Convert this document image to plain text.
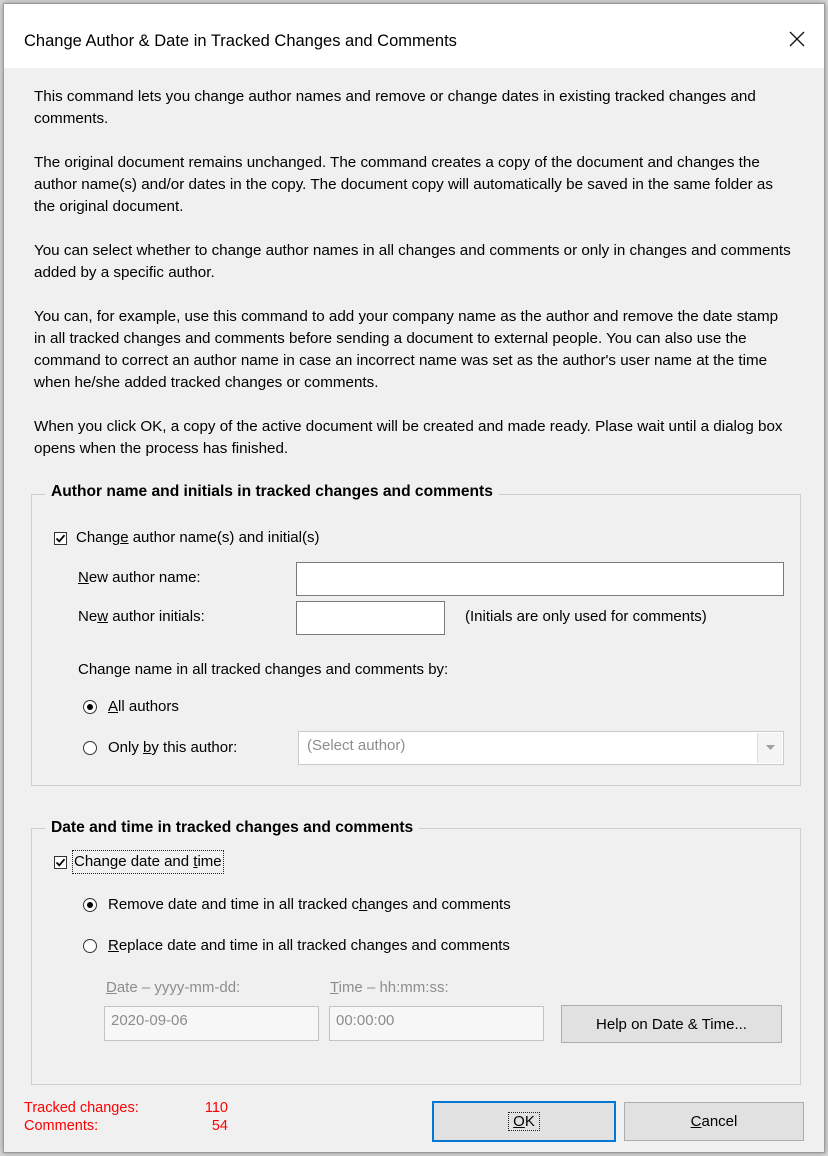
Change Author & Date in Tracked Changes and Comments

This command lets you change author names and remove or change dates in existing tracked changes and comments.

The original document remains unchanged. The command creates a copy of the document and changes the author name(s) and/or dates in the copy. The document copy will automatically be saved in the same folder as the original document.

You can select whether to change author names in all changes and comments or only in changes and comments added by a specific author.

You can, for example, use this command to add your company name as the author and remove the date stamp in all tracked changes and comments before sending a document to external people. You can also use the command to correct an author name in case an incorrect name was set as the author's user name at the time when he/she added tracked changes or comments.

When you click OK, a copy of the active document will be created and made ready. Plase wait until a dialog box opens when the process has finished.

Author name and initials in tracked changes and comments
Change author name(s) and initial(s)
New author name:
New author initials:	(Initials are only used for comments)
Change name in all tracked changes and comments by:
All authors
Only by this author:	(Select author)
Date and time in tracked changes and comments
Change date and time
Remove date and time in all tracked changes and comments
Replace date and time in all tracked changes and comments
Date – yyyy-mm-dd:	Time – hh:mm:ss:
2020-09-06	00:00:00	Help on Date & Time...
Tracked changes:	110
Comments:	54	OK	Cancel
